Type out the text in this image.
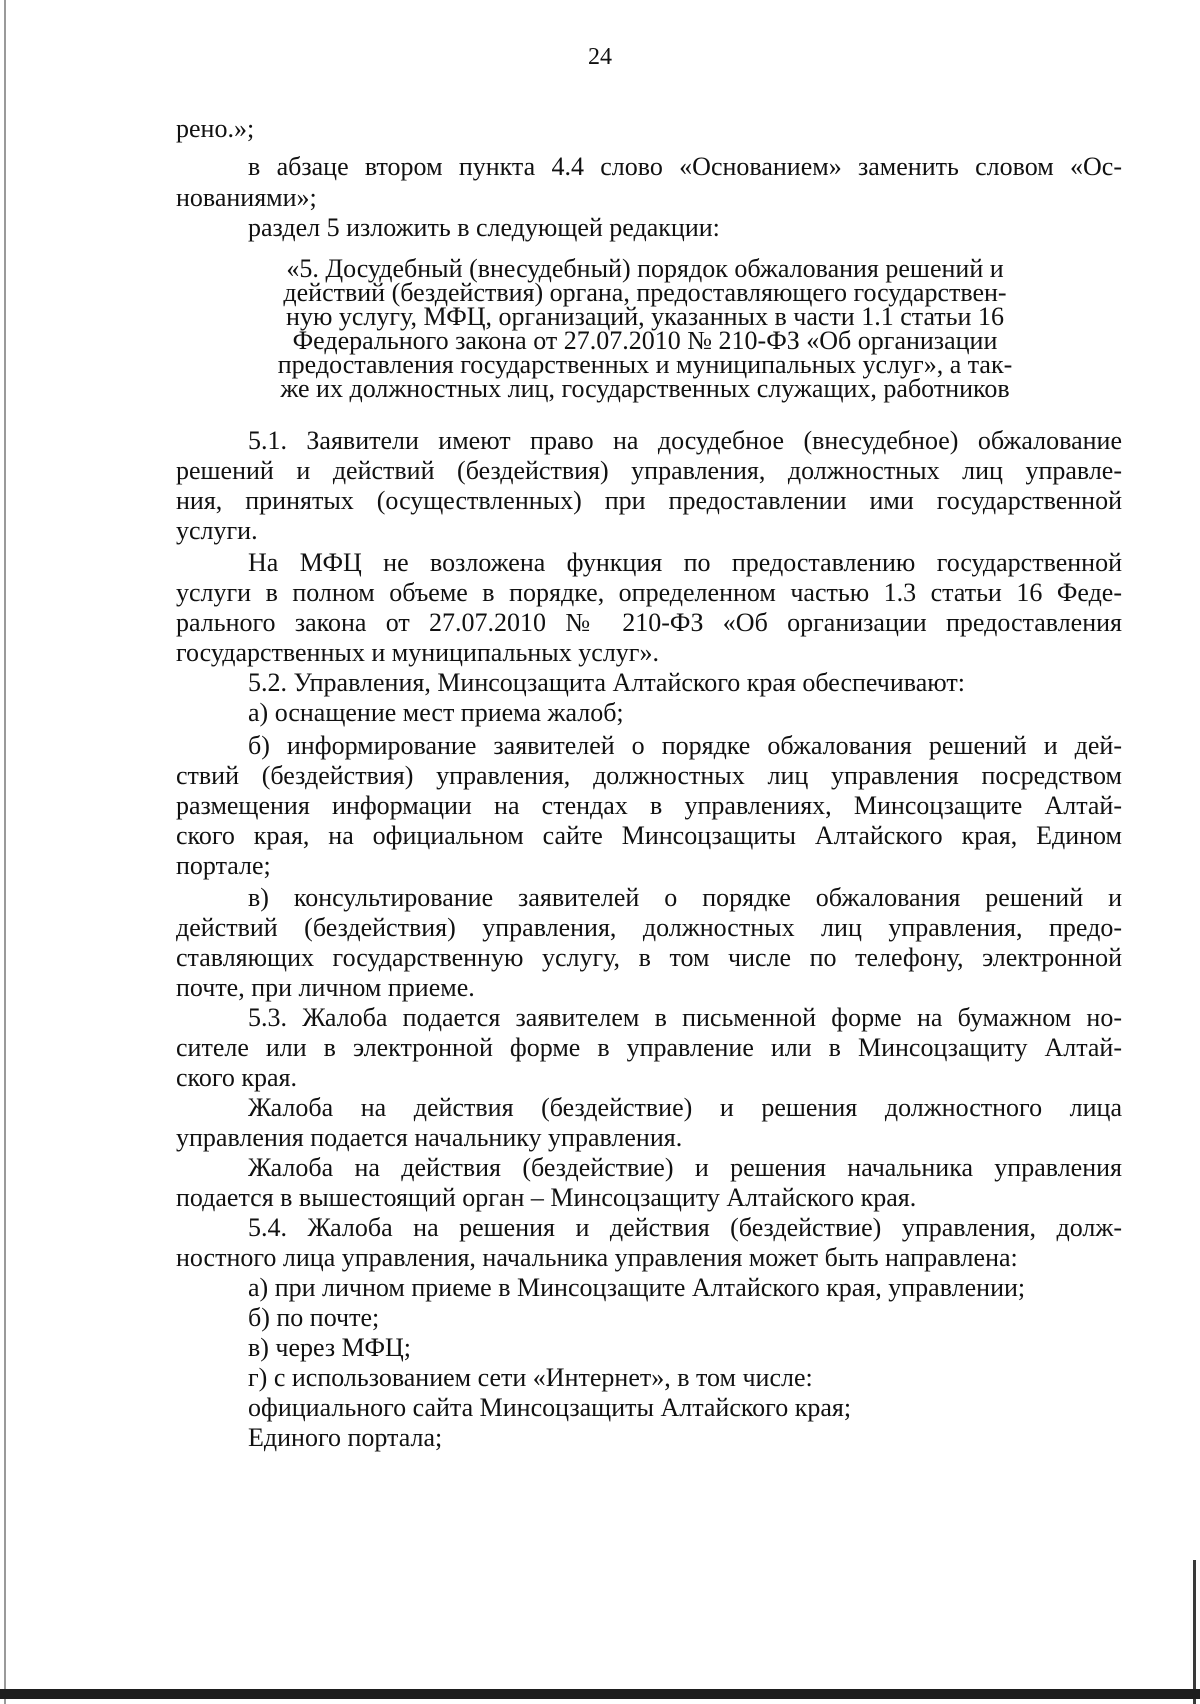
24
рено.»;
в абзаце втором пункта 4.4 слово «Основанием» заменить словом «Ос-
нованиями»;
раздел 5 изложить в следующей редакции:
«5. Досудебный (внесудебный) порядок обжалования решений и
действий (бездействия) органа, предоставляющего государствен-
ную услугу, МФЦ, организаций, указанных в части 1.1 статьи 16
Федерального закона от 27.07.2010 № 210-ФЗ «Об организации
предоставления государственных и муниципальных услуг», а так-
же их должностных лиц, государственных служащих, работников
5.1. Заявители имеют право на досудебное (внесудебное) обжалование
решений и действий (бездействия) управления, должностных лиц управле-
ния, принятых (осуществленных) при предоставлении ими государственной
услуги.
На МФЦ не возложена функция по предоставлению государственной
услуги в полном объеме в порядке, определенном частью 1.3 статьи 16 Феде-
рального закона от 27.07.2010 № 210-ФЗ «Об организации предоставления
государственных и муниципальных услуг».
5.2. Управления, Минсоцзащита Алтайского края обеспечивают:
а) оснащение мест приема жалоб;
б) информирование заявителей о порядке обжалования решений и дей-
ствий (бездействия) управления, должностных лиц управления посредством
размещения информации на стендах в управлениях, Минсоцзащите Алтай-
ского края, на официальном сайте Минсоцзащиты Алтайского края, Едином
портале;
в) консультирование заявителей о порядке обжалования решений и
действий (бездействия) управления, должностных лиц управления, предо-
ставляющих государственную услугу, в том числе по телефону, электронной
почте, при личном приеме.
5.3. Жалоба подается заявителем в письменной форме на бумажном но-
сителе или в электронной форме в управление или в Минсоцзащиту Алтай-
ского края.
Жалоба на действия (бездействие) и решения должностного лица
управления подается начальнику управления.
Жалоба на действия (бездействие) и решения начальника управления
подается в вышестоящий орган – Минсоцзащиту Алтайского края.
5.4. Жалоба на решения и действия (бездействие) управления, долж-
ностного лица управления, начальника управления может быть направлена:
а) при личном приеме в Минсоцзащите Алтайского края, управлении;
б) по почте;
в) через МФЦ;
г) с использованием сети «Интернет», в том числе:
официального сайта Минсоцзащиты Алтайского края;
Единого портала;
